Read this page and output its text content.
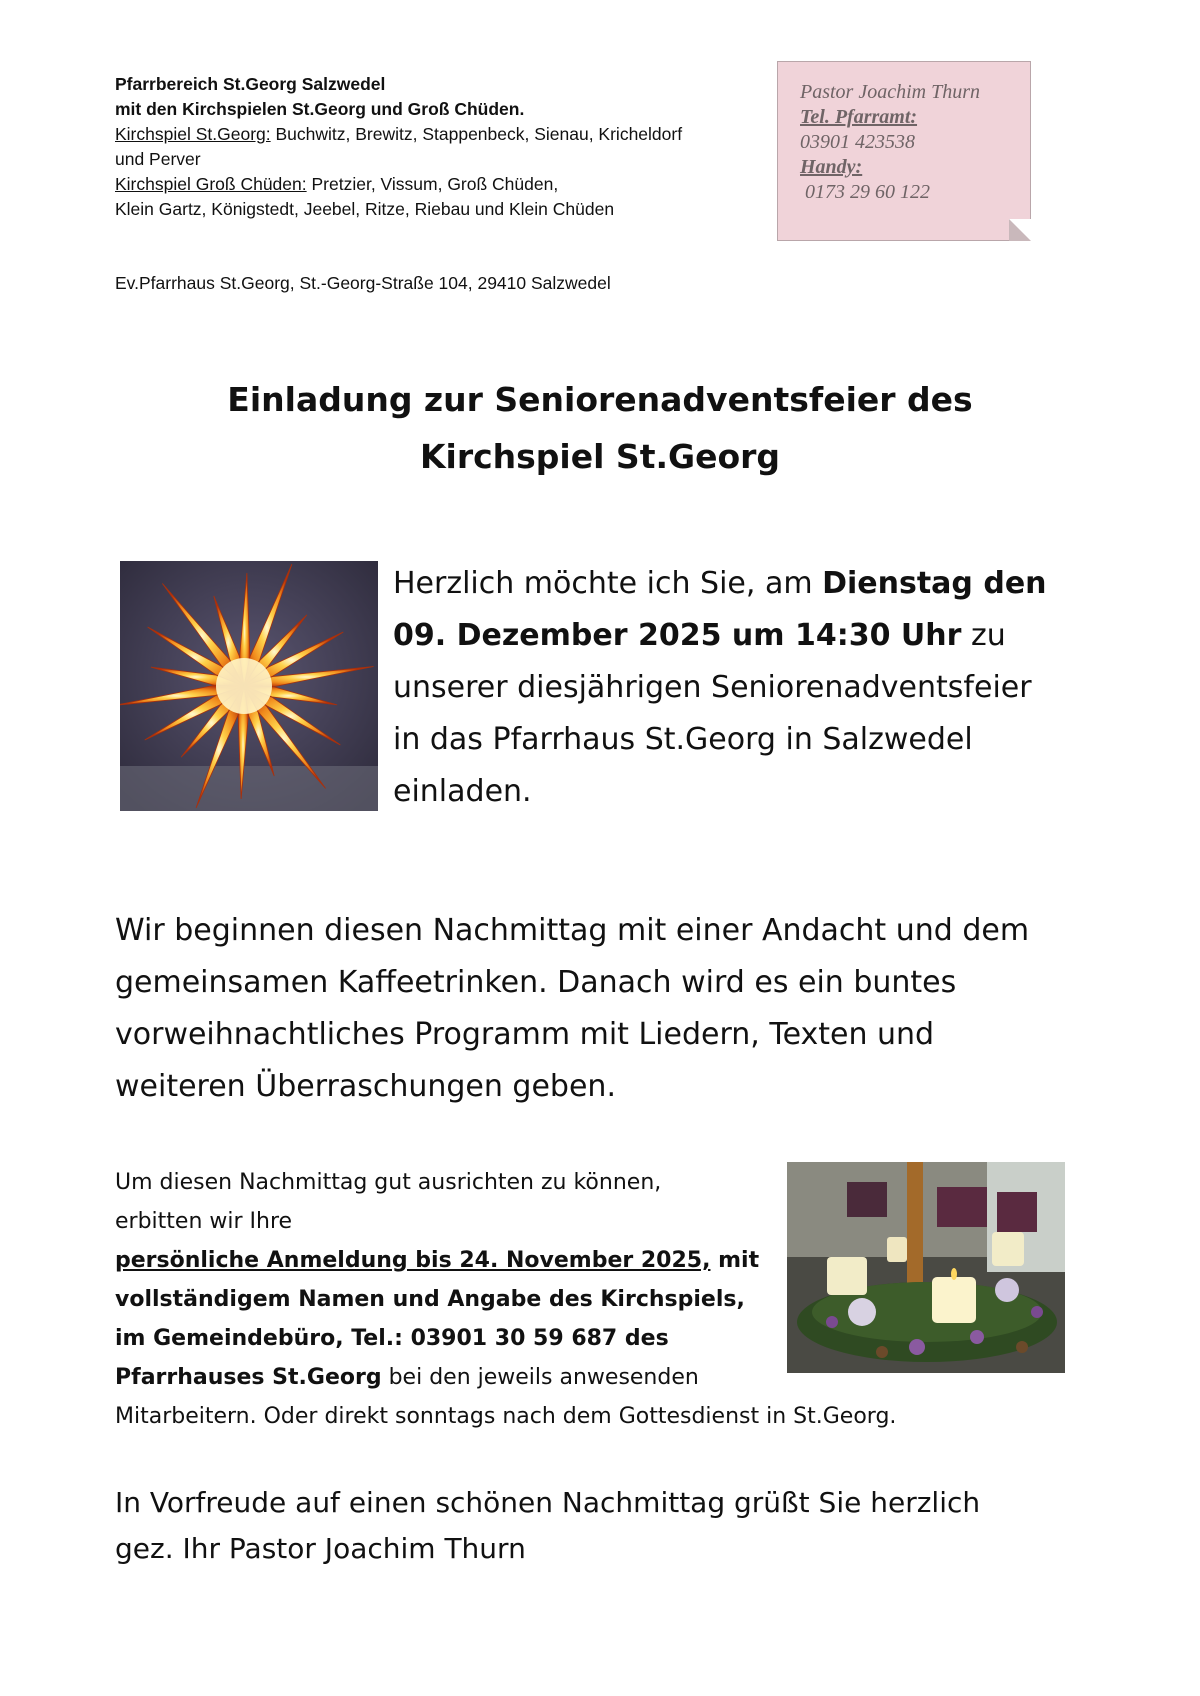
Pfarrbereich St.Georg Salzwedel
mit den Kirchspielen St.Georg und Groß Chüden.
Kirchspiel St.Georg: Buchwitz, Brewitz, Stappenbeck, Sienau, Kricheldorf
und Perver
Kirchspiel Groß Chüden: Pretzier, Vissum, Groß Chüden,
Klein Gartz, Königstedt, Jeebel, Ritze, Riebau und Klein Chüden
Ev.Pfarrhaus St.Georg, St.-Georg-Straße 104, 29410 Salzwedel
Pastor Joachim Thurn
Tel. Pfarramt:
03901 423538
Handy:
0173 29 60 122
Einladung zur Seniorenadventsfeier des
Kirchspiel St.Georg
Herzlich möchte ich Sie, am Dienstag den
09. Dezember 2025 um 14:30 Uhr zu
unserer diesjährigen Seniorenadventsfeier
in das Pfarrhaus St.Georg in Salzwedel
einladen.
Wir beginnen diesen Nachmittag mit einer Andacht und dem
gemeinsamen Kaffeetrinken. Danach wird es ein buntes
vorweihnachtliches Programm mit Liedern, Texten und
weiteren Überraschungen geben.
Um diesen Nachmittag gut ausrichten zu können,
erbitten wir Ihre
persönliche Anmeldung bis 24. November 2025, mit
vollständigem Namen und Angabe des Kirchspiels,
im Gemeindebüro, Tel.: 03901 30 59 687 des
Pfarrhauses St.Georg bei den jeweils anwesenden
Mitarbeitern. Oder direkt sonntags nach dem Gottesdienst in St.Georg.
In Vorfreude auf einen schönen Nachmittag grüßt Sie herzlich
gez. Ihr Pastor Joachim Thurn
